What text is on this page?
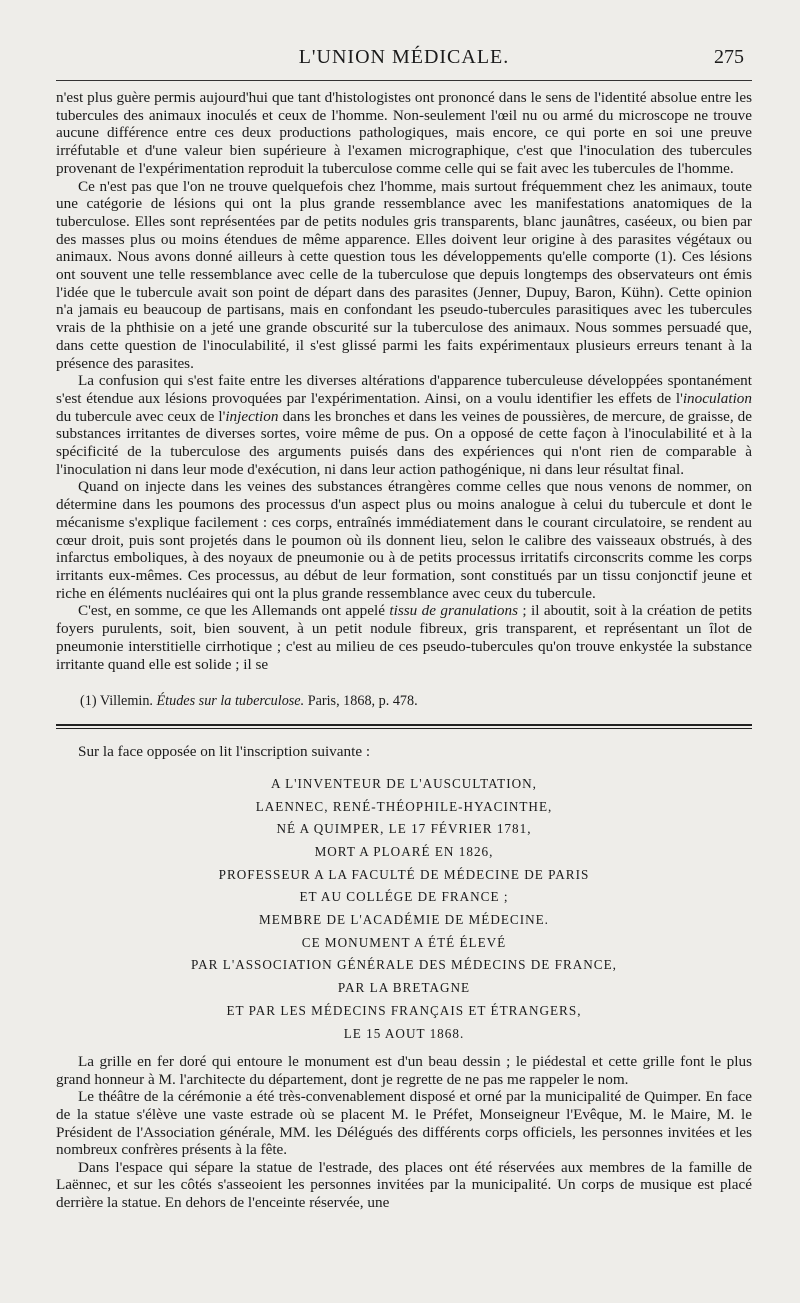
L'UNION MÉDICALE.	275

n'est plus guère permis aujourd'hui que tant d'histologistes ont prononcé dans le sens de l'identité absolue entre les tubercules des animaux inoculés et ceux de l'homme. Non-seulement l'œil nu ou armé du microscope ne trouve aucune différence entre ces deux productions pathologiques, mais encore, ce qui porte en soi une preuve irréfutable et d'une valeur bien supérieure à l'examen micrographique, c'est que l'inoculation des tubercules provenant de l'expérimentation reproduit la tuberculose comme celle qui se fait avec les tubercules de l'homme.

Ce n'est pas que l'on ne trouve quelquefois chez l'homme, mais surtout fréquemment chez les animaux, toute une catégorie de lésions qui ont la plus grande ressemblance avec les manifestations anatomiques de la tuberculose. Elles sont représentées par de petits nodules gris transparents, blanc jaunâtres, caséeux, ou bien par des masses plus ou moins étendues de même apparence. Elles doivent leur origine à des parasites végétaux ou animaux. Nous avons donné ailleurs à cette question tous les développements qu'elle comporte (1). Ces lésions ont souvent une telle ressemblance avec celle de la tuberculose que depuis longtemps des observateurs ont émis l'idée que le tubercule avait son point de départ dans des parasites (Jenner, Dupuy, Baron, Kühn). Cette opinion n'a jamais eu beaucoup de partisans, mais en confondant les pseudo-tubercules parasitiques avec les tubercules vrais de la phthisie on a jeté une grande obscurité sur la tuberculose des animaux. Nous sommes persuadé que, dans cette question de l'inoculabilité, il s'est glissé parmi les faits expérimentaux plusieurs erreurs tenant à la présence des parasites.

La confusion qui s'est faite entre les diverses altérations d'apparence tuberculeuse développées spontanément s'est étendue aux lésions provoquées par l'expérimentation. Ainsi, on a voulu identifier les effets de l'inoculation du tubercule avec ceux de l'injection dans les bronches et dans les veines de poussières, de mercure, de graisse, de substances irritantes de diverses sortes, voire même de pus. On a opposé de cette façon à l'inoculabilité et à la spécificité de la tuberculose des arguments puisés dans des expériences qui n'ont rien de comparable à l'inoculation ni dans leur mode d'exécution, ni dans leur action pathogénique, ni dans leur résultat final.

Quand on injecte dans les veines des substances étrangères comme celles que nous venons de nommer, on détermine dans les poumons des processus d'un aspect plus ou moins analogue à celui du tubercule et dont le mécanisme s'explique facilement : ces corps, entraînés immédiatement dans le courant circulatoire, se rendent au cœur droit, puis sont projetés dans le poumon où ils donnent lieu, selon le calibre des vaisseaux obstrués, à des infarctus emboliques, à des noyaux de pneumonie ou à de petits processus irritatifs circonscrits comme les corps irritants eux-mêmes. Ces processus, au début de leur formation, sont constitués par un tissu conjonctif jeune et riche en éléments nucléaires qui ont la plus grande ressemblance avec ceux du tubercule.

C'est, en somme, ce que les Allemands ont appelé tissu de granulations ; il aboutit, soit à la création de petits foyers purulents, soit, bien souvent, à un petit nodule fibreux, gris transparent, et représentant un îlot de pneumonie interstitielle cirrhotique ; c'est au milieu de ces pseudo-tubercules qu'on trouve enkystée la substance irritante quand elle est solide ; il se

(1) Villemin. Études sur la tuberculose. Paris, 1868, p. 478.

Sur la face opposée on lit l'inscription suivante :

A L'INVENTEUR DE L'AUSCULTATION,
LAENNEC, RENÉ-THÉOPHILE-HYACINTHE,
NÉ A QUIMPER, LE 17 FÉVRIER 1781,
MORT A PLOARÉ EN 1826,
PROFESSEUR A LA FACULTÉ DE MÉDECINE DE PARIS
ET AU COLLÉGE DE FRANCE ;
MEMBRE DE L'ACADÉMIE DE MÉDECINE.
CE MONUMENT A ÉTÉ ÉLEVÉ
PAR L'ASSOCIATION GÉNÉRALE DES MÉDECINS DE FRANCE,
PAR LA BRETAGNE
ET PAR LES MÉDECINS FRANÇAIS ET ÉTRANGERS,
LE 15 AOUT 1868.

La grille en fer doré qui entoure le monument est d'un beau dessin ; le piédestal et cette grille font le plus grand honneur à M. l'architecte du département, dont je regrette de ne pas me rappeler le nom.

Le théâtre de la cérémonie a été très-convenablement disposé et orné par la municipalité de Quimper. En face de la statue s'élève une vaste estrade où se placent M. le Préfet, Monseigneur l'Evêque, M. le Maire, M. le Président de l'Association générale, MM. les Délégués des différents corps officiels, les personnes invitées et les nombreux confrères présents à la fête.

Dans l'espace qui sépare la statue de l'estrade, des places ont été réservées aux membres de la famille de Laënnec, et sur les côtés s'asseoient les personnes invitées par la municipalité. Un corps de musique est placé derrière la statue. En dehors de l'enceinte réservée, une
